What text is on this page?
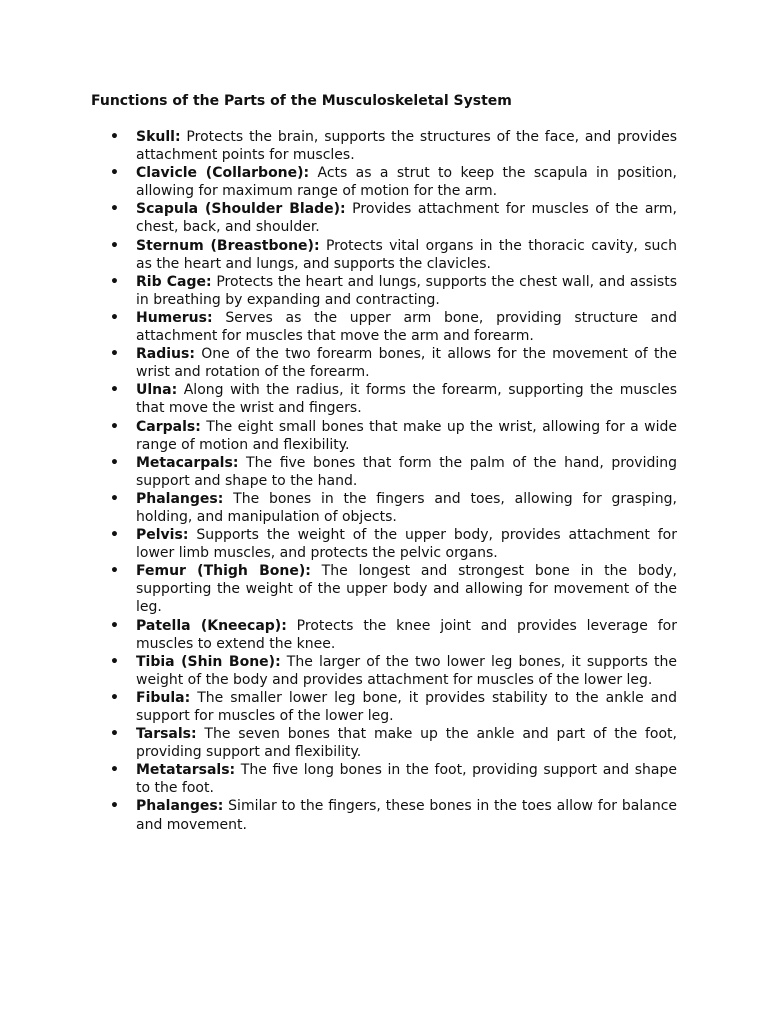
Functions of the Parts of the Musculoskeletal System
• Skull: Protects the brain, supports the structures of the face, and provides attachment points for muscles.
• Clavicle (Collarbone): Acts as a strut to keep the scapula in position, allowing for maximum range of motion for the arm.
• Scapula (Shoulder Blade): Provides attachment for muscles of the arm, chest, back, and shoulder.
• Sternum (Breastbone): Protects vital organs in the thoracic cavity, such as the heart and lungs, and supports the clavicles.
• Rib Cage: Protects the heart and lungs, supports the chest wall, and assists in breathing by expanding and contracting.
• Humerus: Serves as the upper arm bone, providing structure and attachment for muscles that move the arm and forearm.
• Radius: One of the two forearm bones, it allows for the movement of the wrist and rotation of the forearm.
• Ulna: Along with the radius, it forms the forearm, supporting the muscles that move the wrist and fingers.
• Carpals: The eight small bones that make up the wrist, allowing for a wide range of motion and flexibility.
• Metacarpals: The five bones that form the palm of the hand, providing support and shape to the hand.
• Phalanges: The bones in the fingers and toes, allowing for grasping, holding, and manipulation of objects.
• Pelvis: Supports the weight of the upper body, provides attachment for lower limb muscles, and protects the pelvic organs.
• Femur (Thigh Bone): The longest and strongest bone in the body, supporting the weight of the upper body and allowing for movement of the leg.
• Patella (Kneecap): Protects the knee joint and provides leverage for muscles to extend the knee.
• Tibia (Shin Bone): The larger of the two lower leg bones, it supports the weight of the body and provides attachment for muscles of the lower leg.
• Fibula: The smaller lower leg bone, it provides stability to the ankle and support for muscles of the lower leg.
• Tarsals: The seven bones that make up the ankle and part of the foot, providing support and flexibility.
• Metatarsals: The five long bones in the foot, providing support and shape to the foot.
• Phalanges: Similar to the fingers, these bones in the toes allow for balance and movement.
